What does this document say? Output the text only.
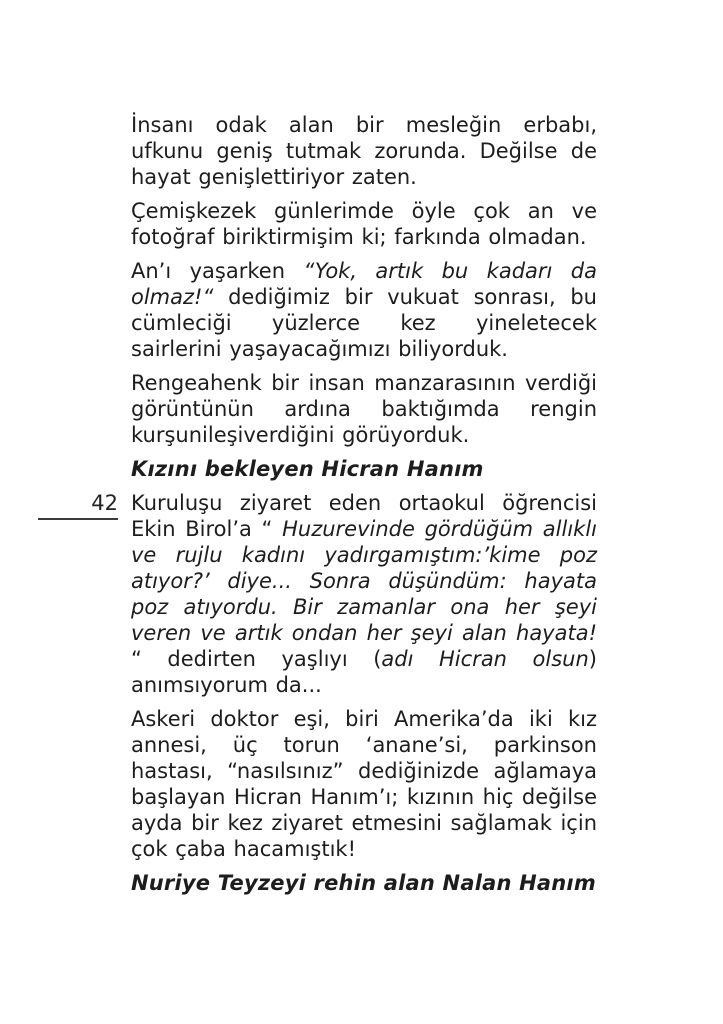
42

İnsanı odak alan bir mesleğin erbabı, ufkunu geniş tutmak zorunda. Değilse de hayat genişlettiriyor zaten.

Çemişkezek günlerimde öyle çok an ve fotoğraf biriktirmişim ki; farkında olmadan.

An’ı yaşarken “Yok, artık bu kadarı da olmaz!“ dediğimiz bir vukuat sonrası, bu cümleciği yüzlerce kez yineletecek sairlerini yaşayacağımızı biliyorduk.

Rengeahenk bir insan manzarasının verdiği görüntünün ardına baktığımda rengin kurşunileşiverdiğini görüyorduk.

Kızını bekleyen Hicran Hanım

Kuruluşu ziyaret eden ortaokul öğrencisi Ekin Birol’a “ Huzurevinde gördüğüm allıklı ve rujlu kadını yadırgamıştım:’kime poz atıyor?’ diye... Sonra düşündüm: hayata poz atıyordu. Bir zamanlar ona her şeyi veren ve artık ondan her şeyi alan hayata! “ dedirten yaşlıyı (adı Hicran olsun) anımsıyorum da...

Askeri doktor eşi, biri Amerika’da iki kız annesi, üç torun ‘anane’si, parkinson hastası, “nasılsınız” dediğinizde ağlamaya başlayan Hicran Hanım’ı; kızının hiç değilse ayda bir kez ziyaret etmesini sağlamak için çok çaba hacamıştık!

Nuriye Teyzeyi rehin alan Nalan Hanım
